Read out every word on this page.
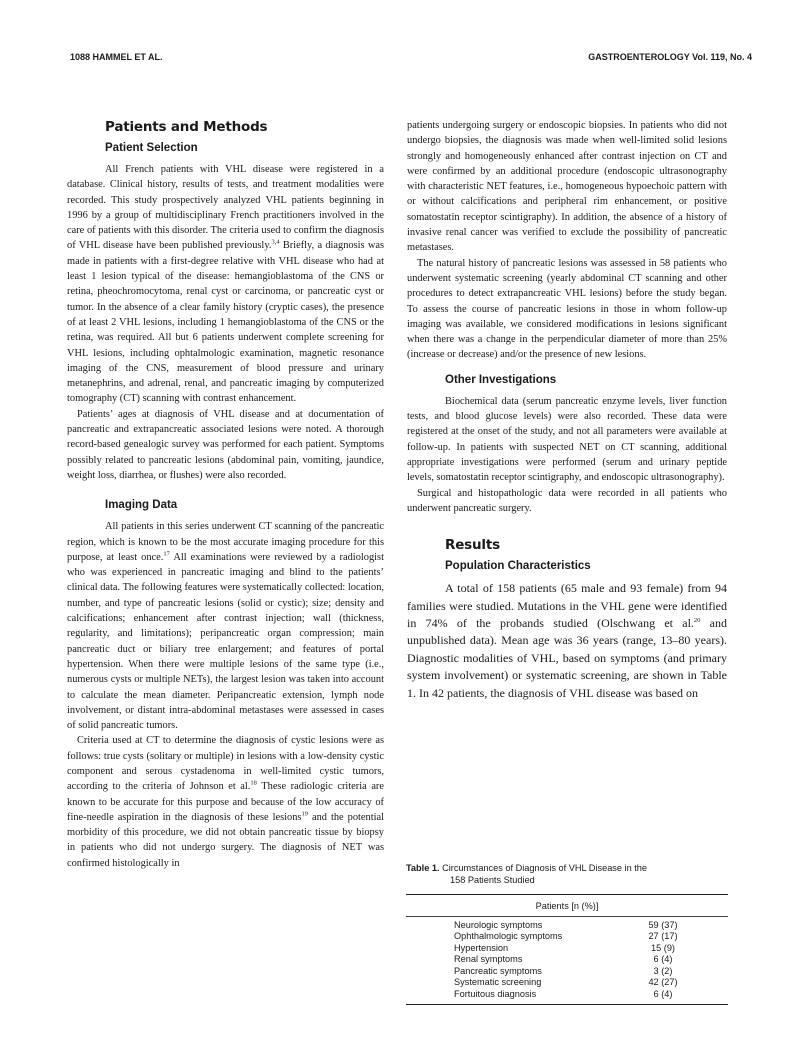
1088 HAMMEL ET AL.	GASTROENTEROLOGY Vol. 119, No. 4
Patients and Methods
Patient Selection

All French patients with VHL disease were registered in a database. Clinical history, results of tests, and treatment modalities were recorded. This study prospectively analyzed VHL patients beginning in 1996 by a group of multidisciplinary French practitioners involved in the care of patients with this disorder. The criteria used to confirm the diagnosis of VHL disease have been published previously.$^{3,4}$ Briefly, a diagnosis was made in patients with a first-degree relative with VHL disease who had at least 1 lesion typical of the disease: hemangioblastoma of the CNS or retina, pheochromocytoma, renal cyst or carcinoma, or pancreatic cyst or tumor. In the absence of a clear family history (cryptic cases), the presence of at least 2 VHL lesions, including 1 hemangioblastoma of the CNS or the retina, was required. All but 6 patients underwent complete screening for VHL lesions, including ophtalmologic examination, magnetic resonance imaging of the CNS, measurement of blood pressure and urinary metanephrins, and adrenal, renal, and pancreatic imaging by computerized tomography (CT) scanning with contrast enhancement.

Patients’ ages at diagnosis of VHL disease and at documentation of pancreatic and extrapancreatic associated lesions were noted. A thorough record-based genealogic survey was performed for each patient. Symptoms possibly related to pancreatic lesions (abdominal pain, vomiting, jaundice, weight loss, diarrhea, or flushes) were also recorded.

Imaging Data

All patients in this series underwent CT scanning of the pancreatic region, which is known to be the most accurate imaging procedure for this purpose, at least once.$^{17}$ All examinations were reviewed by a radiologist who was experienced in pancreatic imaging and blind to the patients’ clinical data. The following features were systematically collected: location, number, and type of pancreatic lesions (solid or cystic); size; density and calcifications; enhancement after contrast injection; wall (thickness, regularity, and limitations); peripancreatic organ compression; main pancreatic duct or biliary tree enlargement; and features of portal hypertension. When there were multiple lesions of the same type (i.e., numerous cysts or multiple NETs), the largest lesion was taken into account to calculate the mean diameter. Peripancreatic extension, lymph node involvement, or distant intra-abdominal metastases were assessed in cases of solid pancreatic tumors.

Criteria used at CT to determine the diagnosis of cystic lesions were as follows: true cysts (solitary or multiple) in lesions with a low-density cystic component and serous cystadenoma in well-limited cystic tumors, according to the criteria of Johnson et al.$^{18}$ These radiologic criteria are known to be accurate for this purpose and because of the low accuracy of fine-needle aspiration in the diagnosis of these lesions$^{19}$ and the potential morbidity of this procedure, we did not obtain pancreatic tissue by biopsy in patients who did not undergo surgery. The diagnosis of NET was confirmed histologically in

patients undergoing surgery or endoscopic biopsies. In patients who did not undergo biopsies, the diagnosis was made when well-limited solid lesions strongly and homogeneously enhanced after contrast injection on CT and were confirmed by an additional procedure (endoscopic ultrasonography with characteristic NET features, i.e., homogeneous hypoechoic pattern with or without calcifications and peripheral rim enhancement, or positive somatostatin receptor scintigraphy). In addition, the absence of a history of invasive renal cancer was verified to exclude the possibility of pancreatic metastases.

The natural history of pancreatic lesions was assessed in 58 patients who underwent systematic screening (yearly abdominal CT scanning and other procedures to detect extrapancreatic VHL lesions) before the study began. To assess the course of pancreatic lesions in those in whom follow-up imaging was available, we considered modifications in lesions significant when there was a change in the perpendicular diameter of more than 25% (increase or decrease) and/or the presence of new lesions.

Other Investigations

Biochemical data (serum pancreatic enzyme levels, liver function tests, and blood glucose levels) were also recorded. These data were registered at the onset of the study, and not all parameters were available at follow-up. In patients with suspected NET on CT scanning, additional appropriate investigations were performed (serum and urinary peptide levels, somatostatin receptor scintigraphy, and endoscopic ultrasonography).

Surgical and histopathologic data were recorded in all patients who underwent pancreatic surgery.

Results
Population Characteristics

A total of 158 patients (65 male and 93 female) from 94 families were studied. Mutations in the VHL gene were identified in 74% of the probands studied (Olschwang et al.$^{20}$ and unpublished data). Mean age was 36 years (range, 13–80 years). Diagnostic modalities of VHL, based on symptoms (and primary system involvement) or systematic screening, are shown in Table 1. In 42 patients, the diagnosis of VHL disease was based on

Table 1. Circumstances of Diagnosis of VHL Disease in the
158 Patients Studied
	Patients [n (%)]
Neurologic symptoms	59 (37)
Ophthalmologic symptoms	27 (17)
Hypertension	15 (9)
Renal symptoms	6 (4)
Pancreatic symptoms	3 (2)
Systematic screening	42 (27)
Fortuitous diagnosis	6 (4)
